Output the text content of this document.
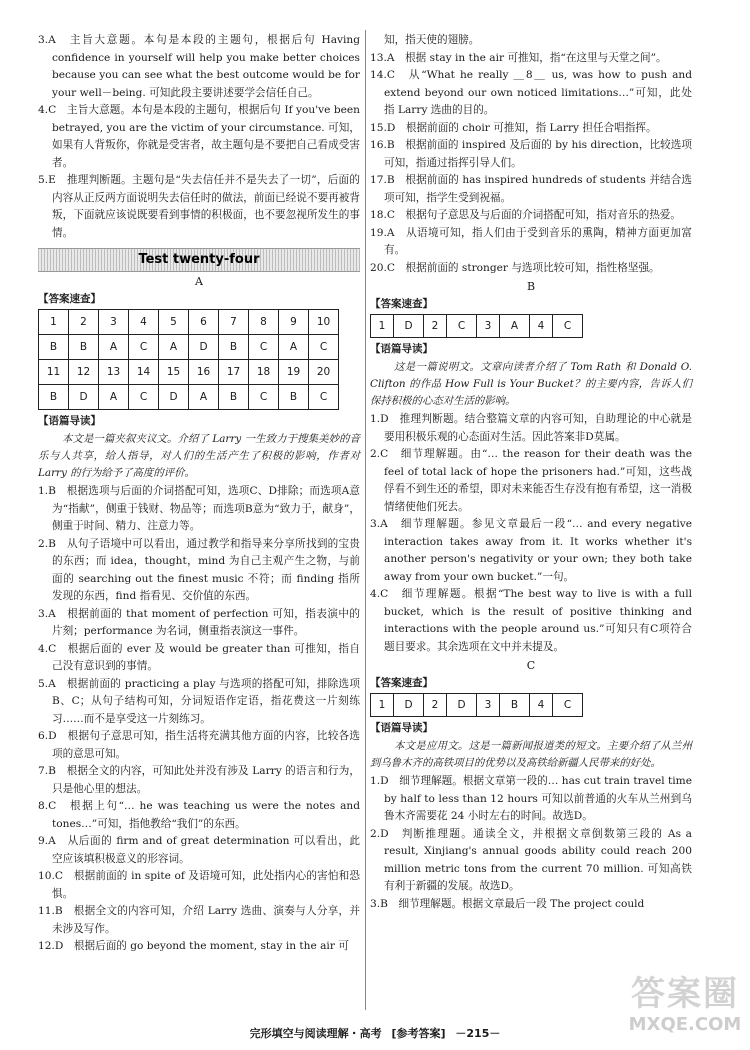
3.A　主旨大意题。本句是本段的主题句，根据后句 Having confidence in yourself will help you make better choices because you can see what the best outcome would be for your well－being. 可知此段主要讲述要学会信任自己。

4.C　主旨大意题。本句是本段的主题句，根据后句 If you've been betrayed, you are the victim of your circumstance. 可知，如果有人背叛你，你就是受害者，故主题句是不要把自己看成受害者。

5.E　推理判断题。主题句是“失去信任并不是失去了一切”，后面的内容从正反两方面说明失去信任时的做法，前面已经说不要再被背叛，下面就应该说既要看到事情的积极面，也不要忽视所发生的事情。

Test twenty-four
A
【答案速查】
1	2	3	4	5	6	7	8	9	10
B	B	A	C	A	D	B	C	A	C
11	12	13	14	15	16	17	18	19	20
B	D	A	C	D	A	B	C	B	C
【语篇导读】

本文是一篇夹叙夹议文。介绍了 Larry 一生致力于搜集美妙的音乐与人共享，给人指导，对人们的生活产生了积极的影响，作者对 Larry 的行为给予了高度的评价。

1.B　根据选项与后面的介词搭配可知，选项C、D排除；而选项A意为“指献”，侧重于钱财、物品等；而选项B意为“致力于，献身”，侧重于时间、精力、注意力等。

2.B　从句子语境中可以看出，通过教学和指导来分享所找到的宝贵的东西；而 idea，thought，mind 为自己主观产生之物，与前面的 searching out the finest music 不符；而 finding 指所发现的东西，find 指看见、交价值的东西。

3.A　根据前面的 that moment of perfection 可知，指表演中的片刻；performance 为名词，侧重指表演这一事件。

4.C　根据后面的 ever 及 would be greater than 可推知，指自己没有意识到的事情。

5.A　根据前面的 practicing a play 与选项的搭配可知，排除选项B、C；从句子结构可知，分词短语作定语，指花费这一片刻练习……而不是享受这一片刻练习。

6.D　根据句子意思可知，指生活将充满其他方面的内容，比较各选项的意思可知。

7.B　根据全文的内容，可知此处并没有涉及 Larry 的语言和行为，只是他心里的想法。

8.C　根据上句“… he was teaching us were the notes and tones…”可知，指他教给“我们”的东西。

9.A　从后面的 firm and of great determination 可以看出，此空应该填积极意义的形容词。

10.C　根据前面的 in spite of 及语境可知，此处指内心的害怕和恐惧。

11.B　根据全文的内容可知，介绍 Larry 选曲、演奏与人分享，并未涉及写作。

12.D　根据后面的 go beyond the moment, stay in the air 可

知，指天使的翅膀。

13.A　根据 stay in the air 可推知，指“在这里与天堂之间”。

14.C　从“What he really ＿8＿ us, was how to push and extend beyond our own noticed limitations…”可知，此处指 Larry 选曲的目的。

15.D　根据前面的 choir 可推知，指 Larry 担任合唱指挥。

16.B　根据前面的 inspired 及后面的 by his direction，比较选项可知，指通过指挥引导人们。

17.B　根据前面的 has inspired hundreds of students 并结合选项可知，指学生受到祝福。

18.C　根据句子意思及与后面的介词搭配可知，指对音乐的热爱。

19.A　从语境可知，指人们由于受到音乐的熏陶，精神方面更加富有。

20.C　根据前面的 stronger 与选项比较可知，指性格坚强。

B
【答案速查】
1	D	2	C	3	A	4	C
【语篇导读】

这是一篇说明文。文章向读者介绍了 Tom Rath 和 Donald O. Clifton 的作品 How Full is Your Bucket？的主要内容，告诉人们保持积极的心态对生活的影响。

1.D　推理判断题。结合整篇文章的内容可知，自助理论的中心就是要用积极乐观的心态面对生活。因此答案非D莫属。

2.C　细节理解题。由“… the reason for their death was the feel of total lack of hope the prisoners had.”可知，这些战俘看不到生还的希望，即对未来能否生存没有抱有希望，这一消极情绪使他们死去。

3.A　细节理解题。参见文章最后一段“… and every negative interaction takes away from it. It works whether it's another person's negativity or your own; they both take away from your own bucket.”一句。

4.C　细节理解题。根据“The best way to live is with a full bucket, which is the result of positive thinking and interactions with the people around us.”可知只有C项符合题目要求。其余选项在文中并未提及。

C
【答案速查】
1	D	2	D	3	B	4	C
【语篇导读】

本文是应用文。这是一篇新闻报道类的短文。主要介绍了从兰州到乌鲁木齐的高铁项目的优势以及高铁给新疆人民带来的好处。

1.D　细节理解题。根据文章第一段的… has cut train travel time by half to less than 12 hours 可知以前普通的火车从兰州到乌鲁木齐需要花 24 小时左右的时间。故选D。

2.D　判断推理题。通读全文，并根据文章倒数第三段的 As a result, Xinjiang's annual goods ability could reach 200 million metric tons from the current 70 million. 可知高铁有利于新疆的发展。故选D。

3.B　细节理解题。根据文章最后一段 The project could

完形填空与阅读理解・高考 [参考答案] －215－
答案圈
MXQE.COM
